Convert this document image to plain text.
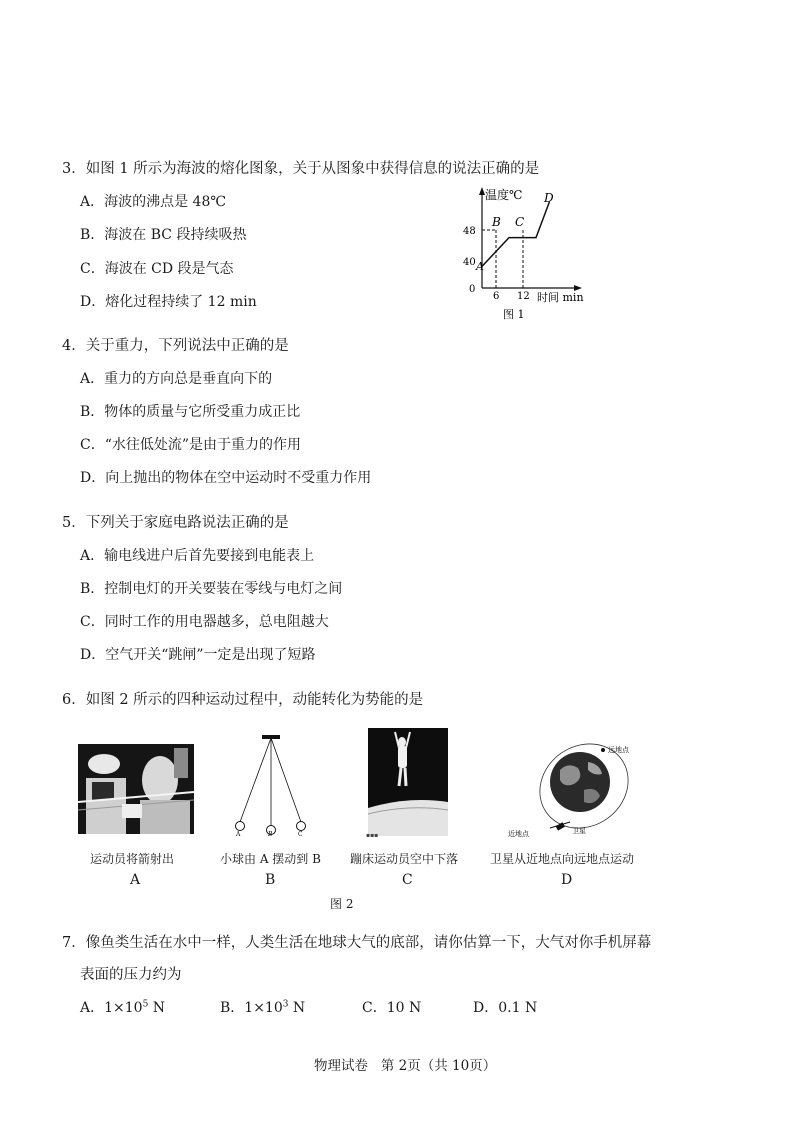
3．如图 1 所示为海波的熔化图象，关于从图象中获得信息的说法正确的是
A．海波的沸点是 48℃
B．海波在 BC 段持续吸热
C．海波在 CD 段是气态
D．熔化过程持续了 12 min
温度℃
时间 min
0
48
40
6 12
A
B C
D
图 1
4．关于重力，下列说法中正确的是
A．重力的方向总是垂直向下的
B．物体的质量与它所受重力成正比
C．“水往低处流”是由于重力的作用
D．向上抛出的物体在空中运动时不受重力作用
5．下列关于家庭电路说法正确的是
A．输电线进户后首先要接到电能表上
B．控制电灯的开关要装在零线与电灯之间
C．同时工作的用电器越多，总电阻越大
D．空气开关“跳闸”一定是出现了短路
6．如图 2 所示的四种运动过程中，动能转化为势能的是
运动员将箭射出
A
A	B	C
小球由 A 摆动到 B
B
▪▪▪
蹦床运动员空中下落
C
远地点
卫星
近地点
卫星从近地点向远地点运动
D
图 2
7．像鱼类生活在水中一样，人类生活在地球大气的底部，请你估算一下，大气对你手机屏幕
表面的压力约为
A．$1\times 10^5$ N	B．$1\times 10^3$ N	C．10 N	D．0.1 N
物理试卷   第 2页（共 10页）
